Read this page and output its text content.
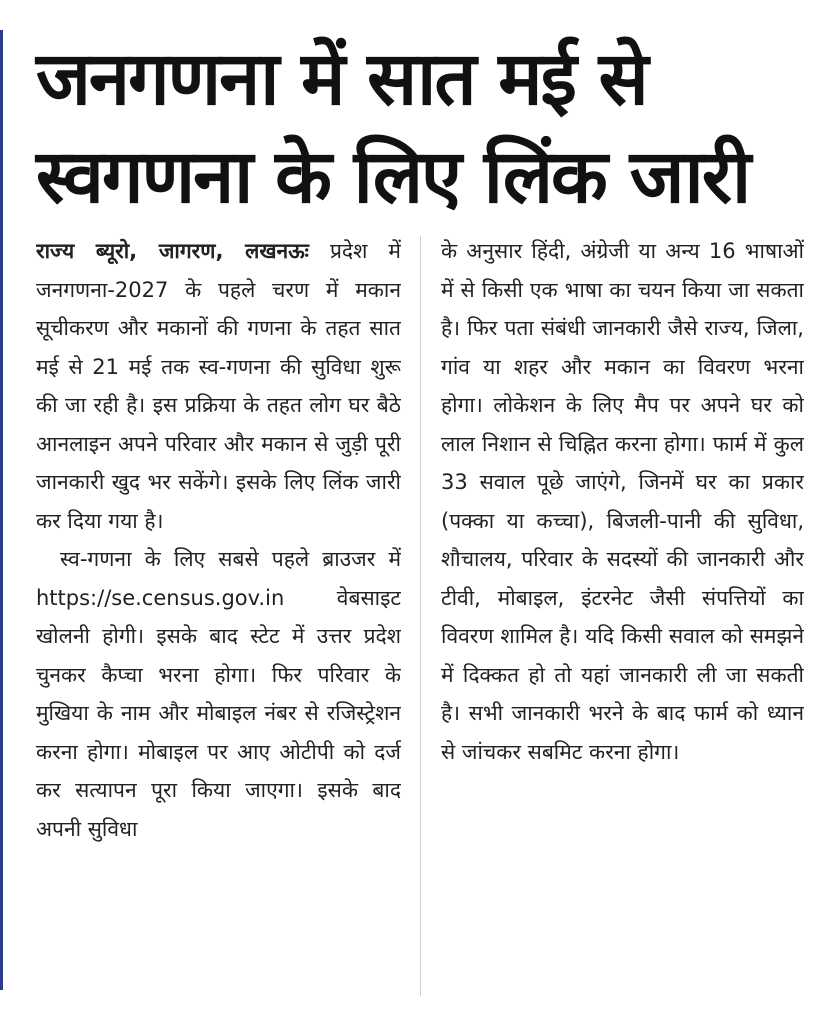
जनगणना में सात मई से
स्वगणना के लिए लिंक जारी

राज्य ब्यूरो, जागरण, लखनऊः प्रदेश में जनगणना-2027 के पहले चरण में मकान सूचीकरण और मकानों की गणना के तहत सात मई से 21 मई तक स्व-गणना की सुविधा शुरू की जा रही है। इस प्रक्रिया के तहत लोग घर बैठे आनलाइन अपने परिवार और मकान से जुड़ी पूरी जानकारी खुद भर सकेंगे। इसके लिए लिंक जारी कर दिया गया है।

स्व-गणना के लिए सबसे पहले ब्राउजर में https://se.census.gov.in वेबसाइट खोलनी होगी। इसके बाद स्टेट में उत्तर प्रदेश चुनकर कैप्चा भरना होगा। फिर परिवार के मुखिया के नाम और मोबाइल नंबर से रजिस्ट्रेशन करना होगा। मोबाइल पर आए ओटीपी को दर्ज कर सत्यापन पूरा किया जाएगा। इसके बाद अपनी सुविधा

के अनुसार हिंदी, अंग्रेजी या अन्य 16 भाषाओं में से किसी एक भाषा का चयन किया जा सकता है। फिर पता संबंधी जानकारी जैसे राज्य, जिला, गांव या शहर और मकान का विवरण भरना होगा। लोकेशन के लिए मैप पर अपने घर को लाल निशान से चिह्नित करना होगा। फार्म में कुल 33 सवाल पूछे जाएंगे, जिनमें घर का प्रकार (पक्का या कच्चा), बिजली-पानी की सुविधा, शौचालय, परिवार के सदस्यों की जानकारी और टीवी, मोबाइल, इंटरनेट जैसी संपत्तियों का विवरण शामिल है। यदि किसी सवाल को समझने में दिक्कत हो तो यहां जानकारी ली जा सकती है। सभी जानकारी भरने के बाद फार्म को ध्यान से जांचकर सबमिट करना होगा।
